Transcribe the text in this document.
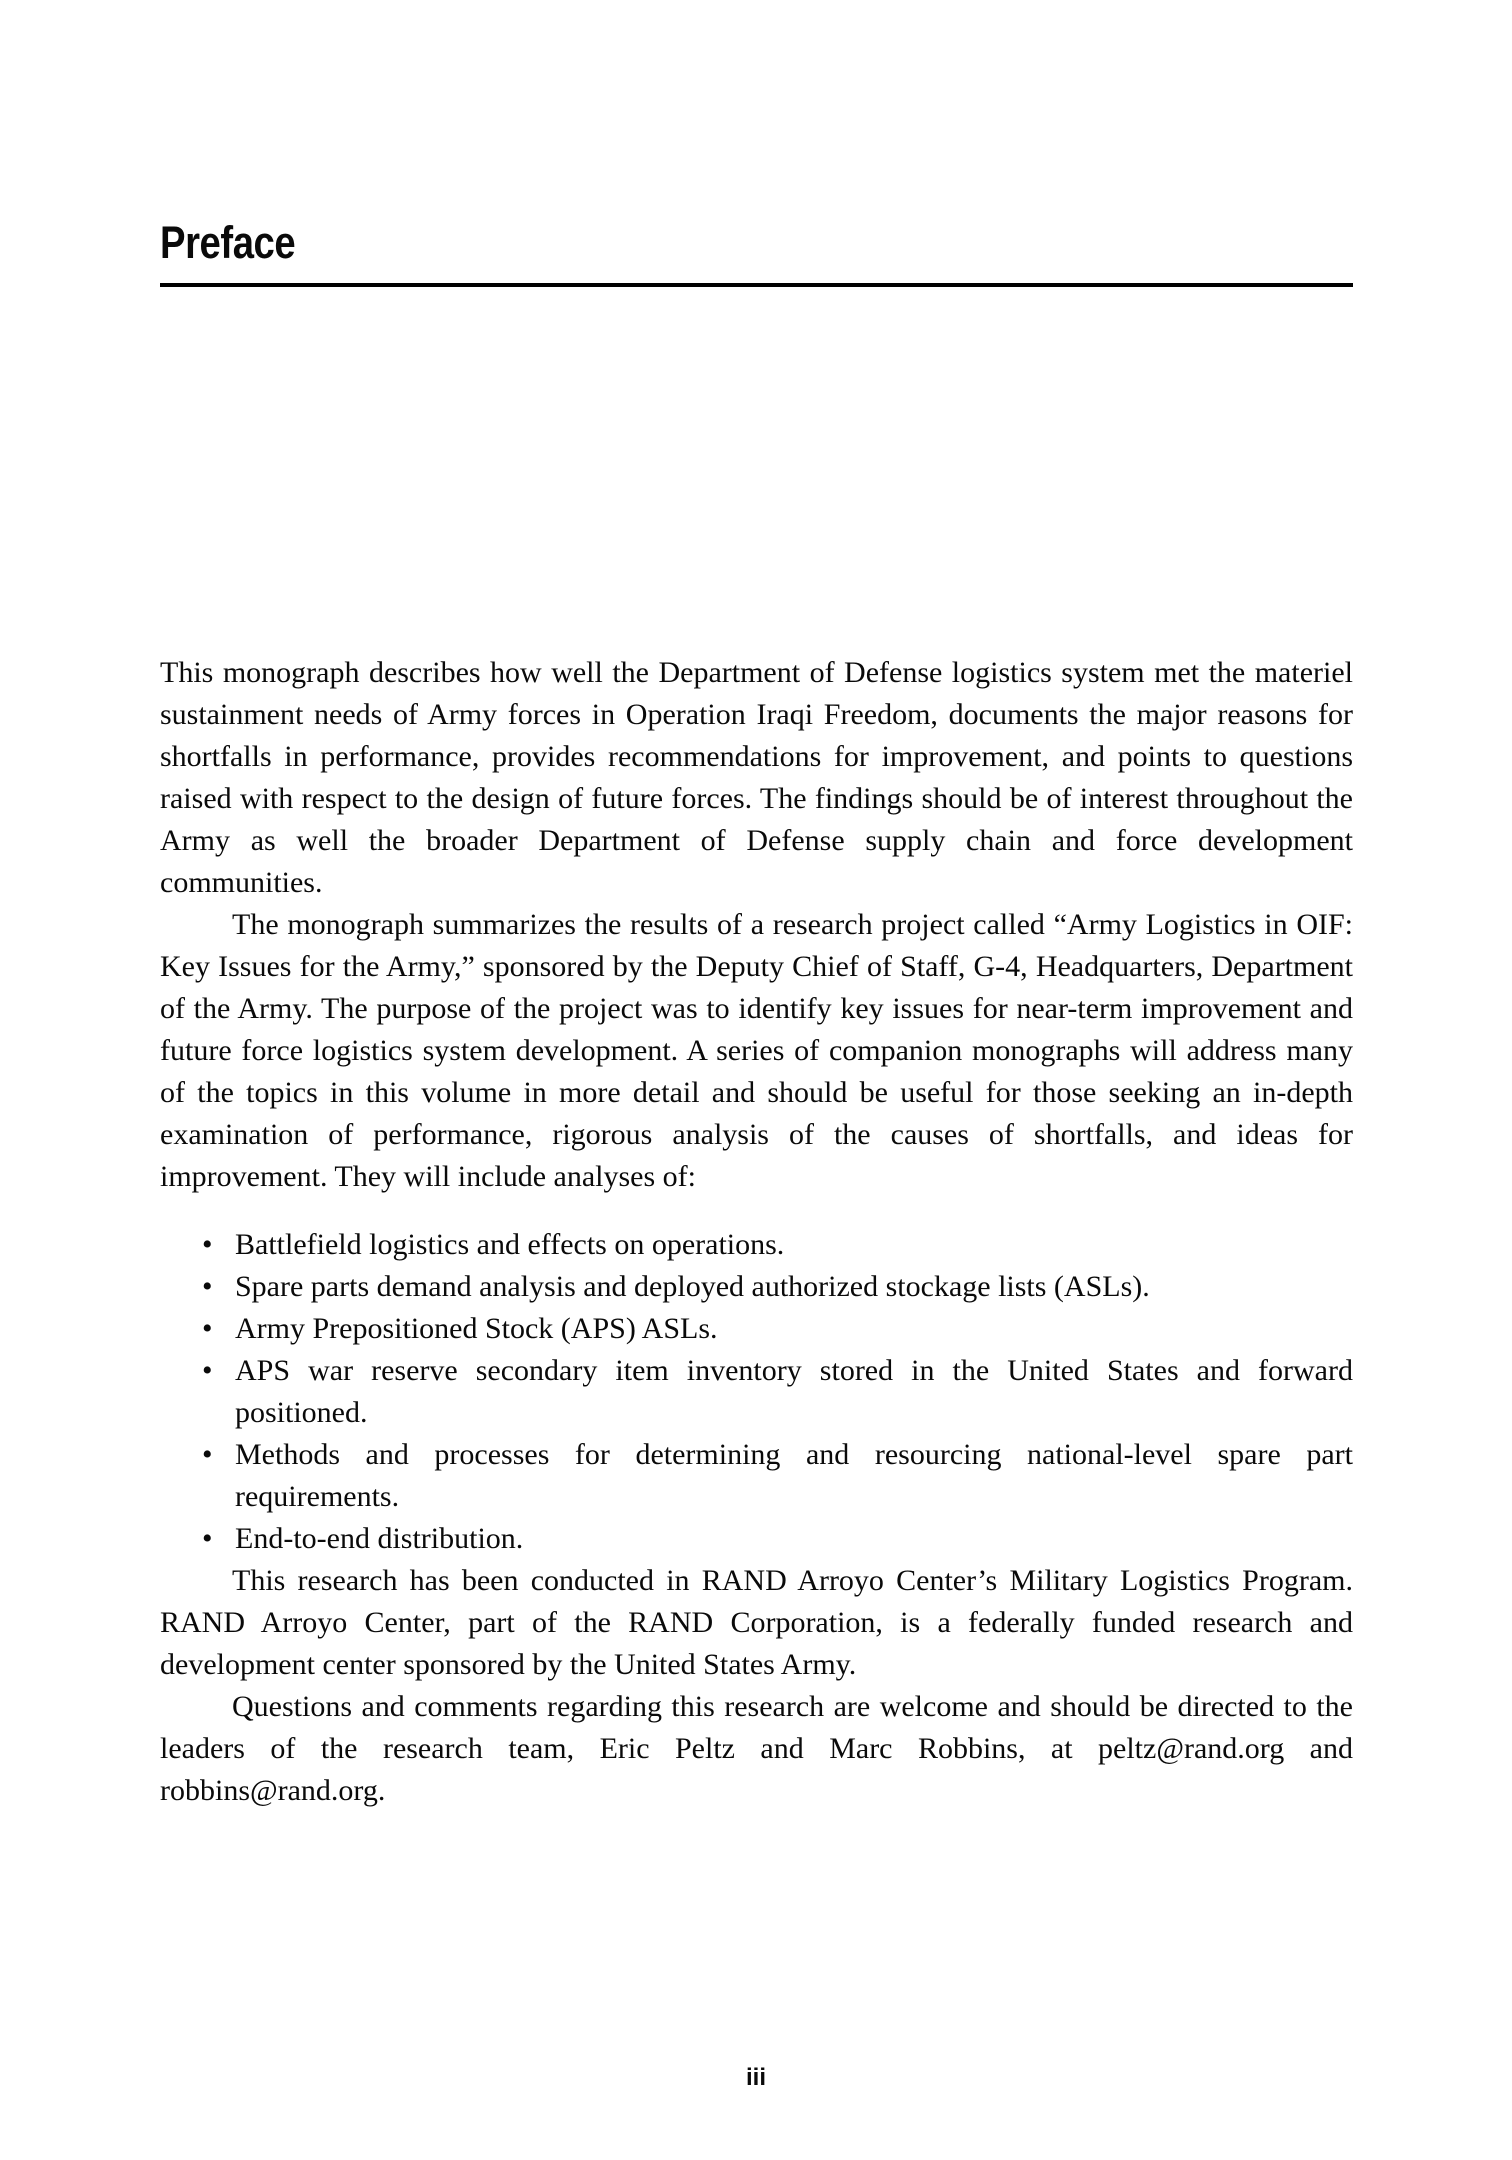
Preface

This monograph describes how well the Department of Defense logistics system met the materiel sustainment needs of Army forces in Operation Iraqi Freedom, documents the major reasons for shortfalls in performance, provides recommendations for improvement, and points to questions raised with respect to the design of future forces. The findings should be of interest throughout the Army as well the broader Department of Defense supply chain and force development communities.

The monograph summarizes the results of a research project called “Army Logistics in OIF: Key Issues for the Army,” sponsored by the Deputy Chief of Staff, G-4, Headquarters, Department of the Army. The purpose of the project was to identify key issues for near-term improvement and future force logistics system development. A series of companion monographs will address many of the topics in this volume in more detail and should be useful for those seeking an in-depth examination of performance, rigorous analysis of the causes of shortfalls, and ideas for improvement. They will include analyses of:

• Battlefield logistics and effects on operations.
• Spare parts demand analysis and deployed authorized stockage lists (ASLs).
• Army Prepositioned Stock (APS) ASLs.
• APS war reserve secondary item inventory stored in the United States and forward positioned.
• Methods and processes for determining and resourcing national-level spare part requirements.
• End-to-end distribution.

This research has been conducted in RAND Arroyo Center’s Military Logistics Program. RAND Arroyo Center, part of the RAND Corporation, is a federally funded research and development center sponsored by the United States Army.

Questions and comments regarding this research are welcome and should be directed to the leaders of the research team, Eric Peltz and Marc Robbins, at peltz@rand.org and robbins@rand.org.

iii
